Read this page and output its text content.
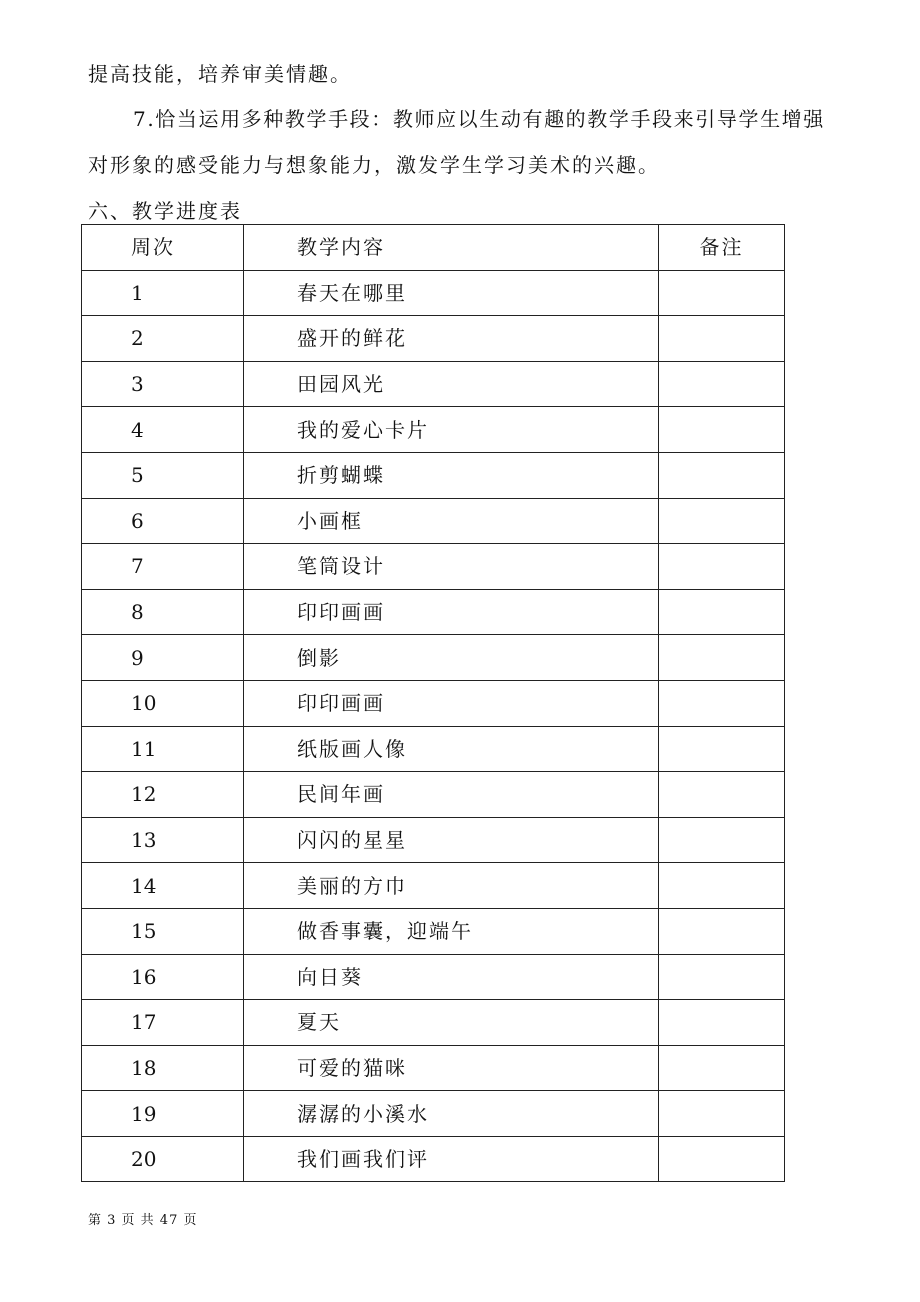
提高技能，培养审美情趣。
7.恰当运用多种教学手段：教师应以生动有趣的教学手段来引导学生增强
对形象的感受能力与想象能力，激发学生学习美术的兴趣。
六、教学进度表
周次	教学内容	备注
1	春天在哪里	
2	盛开的鲜花	
3	田园风光	
4	我的爱心卡片	
5	折剪蝴蝶	
6	小画框	
7	笔筒设计	
8	印印画画	
9	倒影	
10	印印画画	
11	纸版画人像	
12	民间年画	
13	闪闪的星星	
14	美丽的方巾	
15	做香事囊，迎端午	
16	向日葵	
17	夏天	
18	可爱的猫咪	
19	潺潺的小溪水	
20	我们画我们评	
第 3 页 共 47 页
